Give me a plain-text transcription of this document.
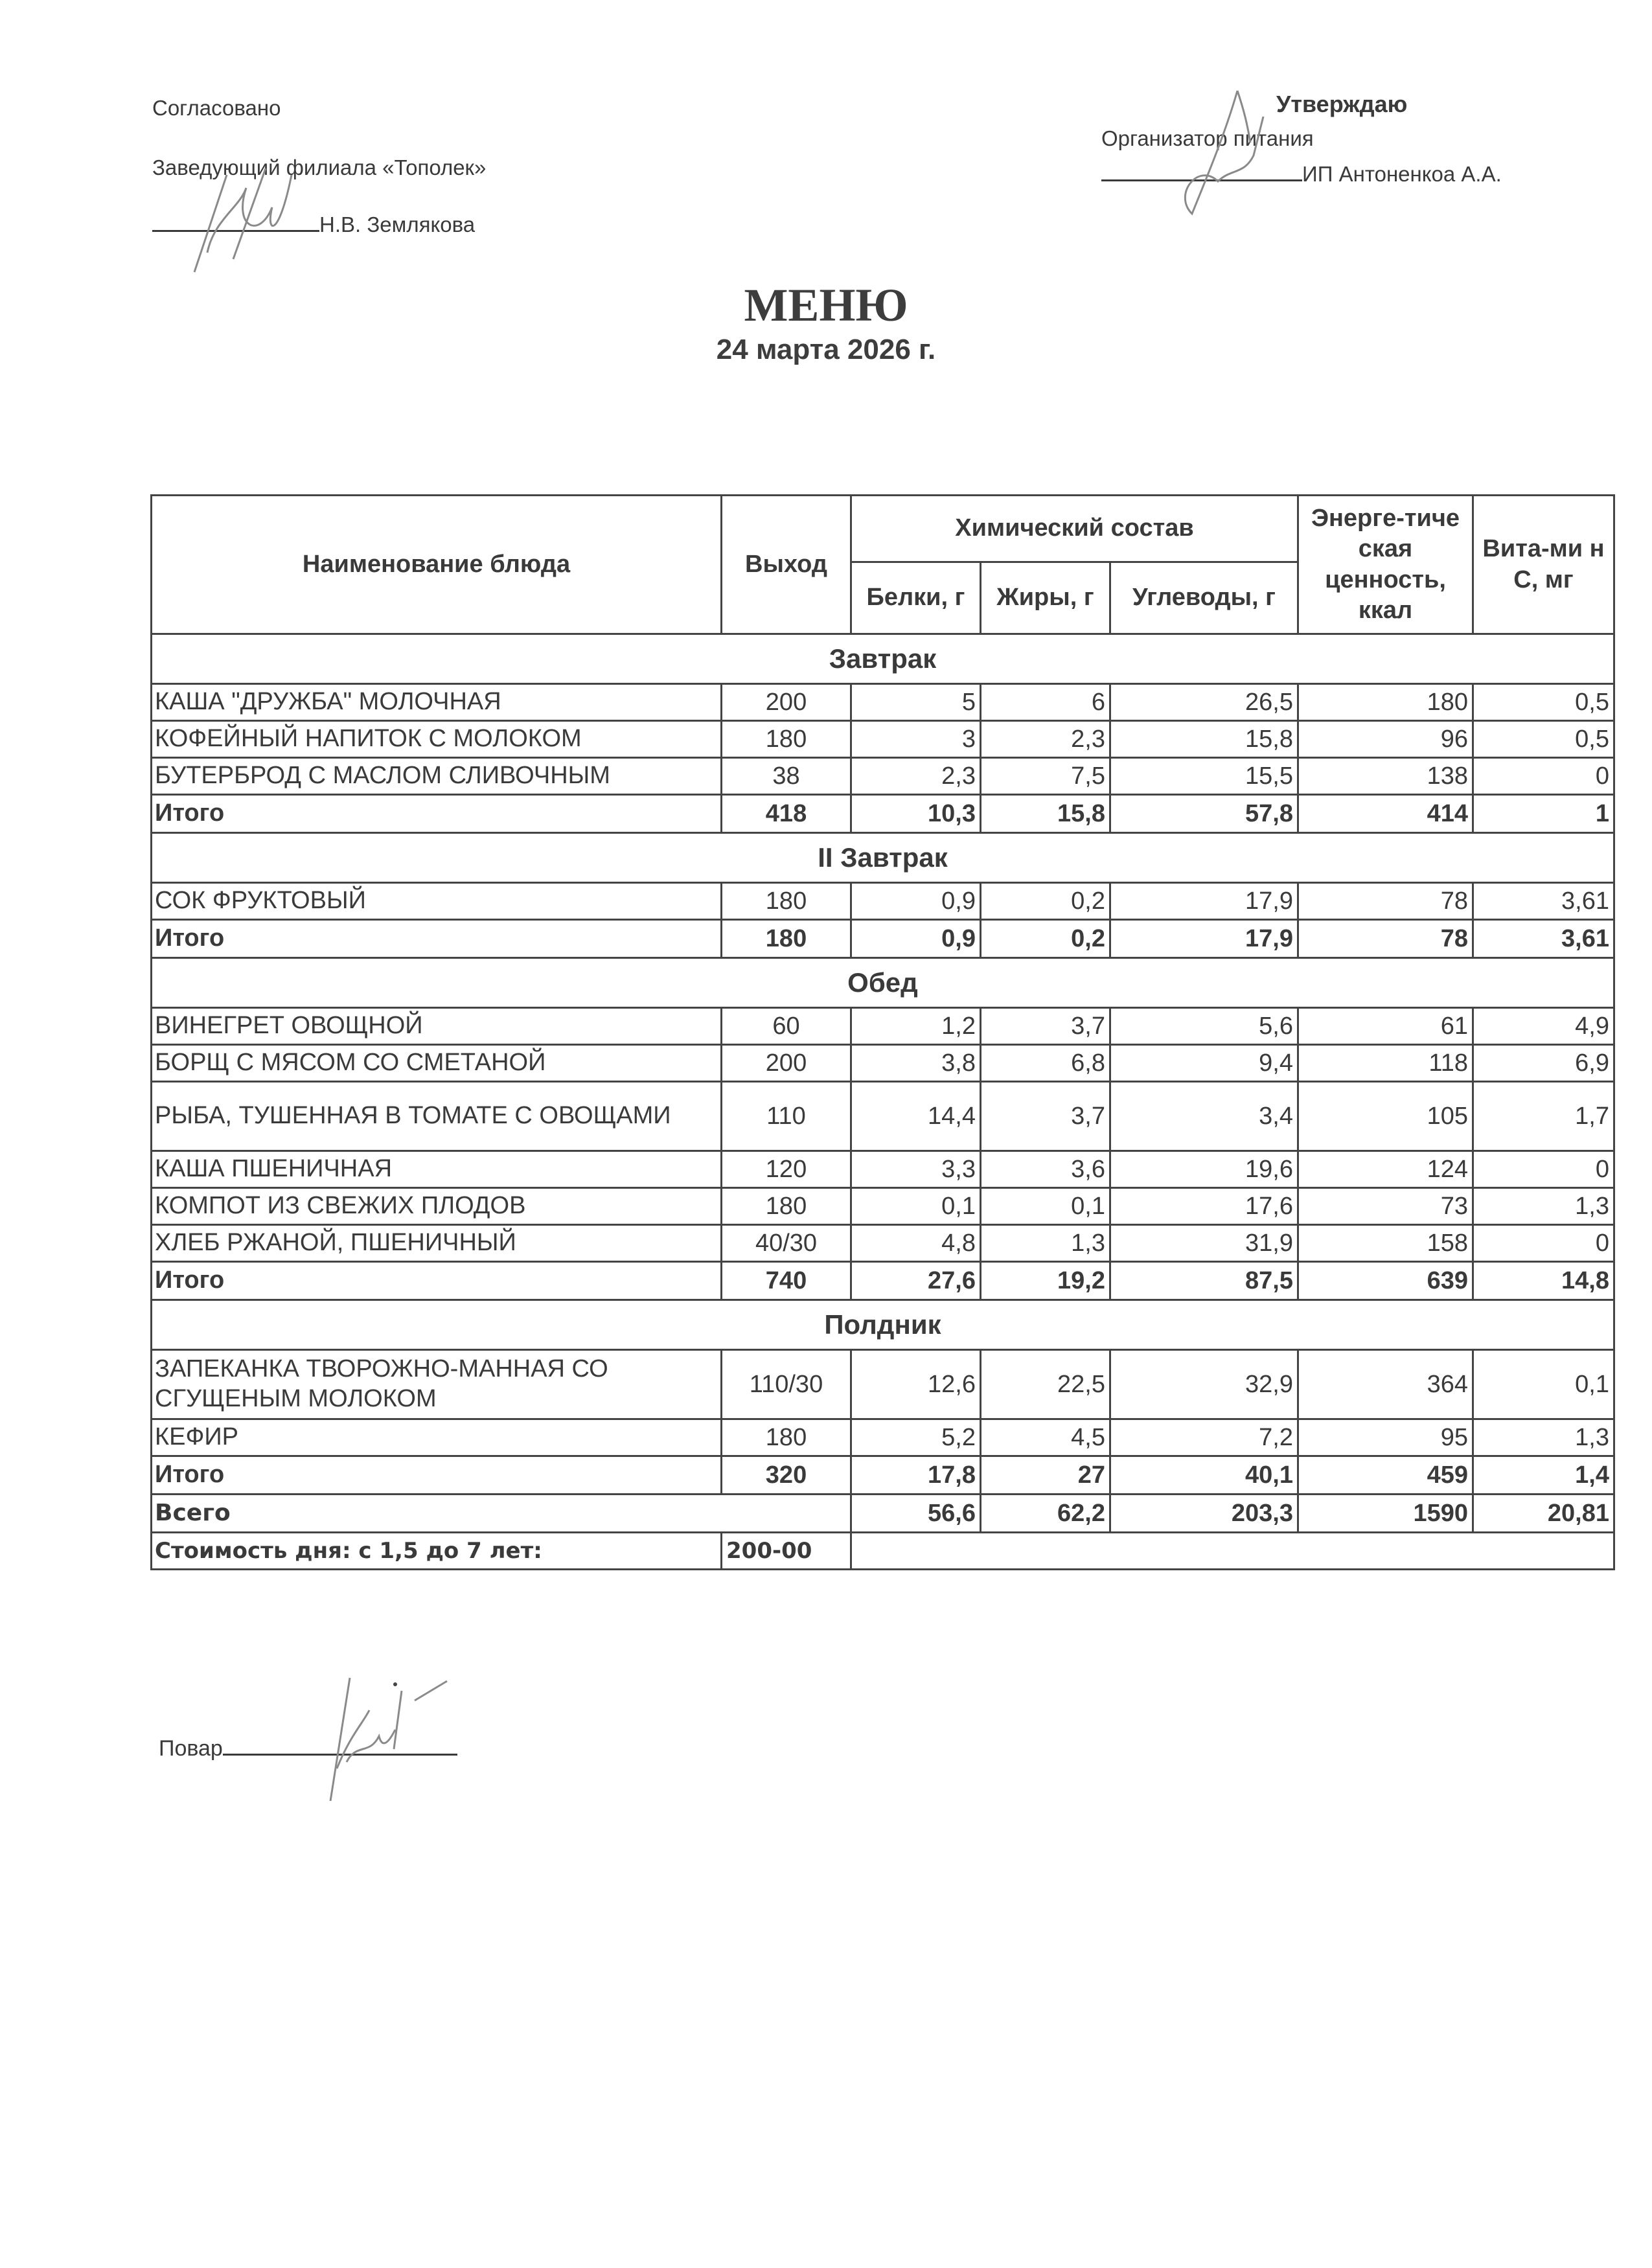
Согласовано
Заведующий филиала «Тополек»
Н.В. Землякова
Утверждаю
Организатор питания
ИП Антоненкоа А.А.
МЕНЮ
24 марта 2026 г.
Наименование блюда	Выход	Химический состав			Энерге-тиче ская ценность, ккал	Вита-ми н С, мг
		Белки, г	Жиры, г	Углеводы, г		
Завтрак						
КАША "ДРУЖБА" МОЛОЧНАЯ	200	5	6	26,5	180	0,5
КОФЕЙНЫЙ НАПИТОК С МОЛОКОМ	180	3	2,3	15,8	96	0,5
БУТЕРБРОД С МАСЛОМ СЛИВОЧНЫМ	38	2,3	7,5	15,5	138	0
Итого	418	10,3	15,8	57,8	414	1
II Завтрак						
СОК ФРУКТОВЫЙ	180	0,9	0,2	17,9	78	3,61
Итого	180	0,9	0,2	17,9	78	3,61
Обед						
ВИНЕГРЕТ ОВОЩНОЙ	60	1,2	3,7	5,6	61	4,9
БОРЩ С МЯСОМ СО СМЕТАНОЙ	200	3,8	6,8	9,4	118	6,9
РЫБА, ТУШЕННАЯ В ТОМАТЕ С ОВОЩАМИ	110	14,4	3,7	3,4	105	1,7
КАША ПШЕНИЧНАЯ	120	3,3	3,6	19,6	124	0
КОМПОТ ИЗ СВЕЖИХ ПЛОДОВ	180	0,1	0,1	17,6	73	1,3
ХЛЕБ РЖАНОЙ, ПШЕНИЧНЫЙ	40/30	4,8	1,3	31,9	158	0
Итого	740	27,6	19,2	87,5	639	14,8
Полдник						
ЗАПЕКАНКА ТВОРОЖНО-МАННАЯ СО СГУЩЕНЫМ МОЛОКОМ	110/30	12,6	22,5	32,9	364	0,1
КЕФИР	180	5,2	4,5	7,2	95	1,3
Итого	320	17,8	27	40,1	459	1,4
Всего		56,6	62,2	203,3	1590	20,81
Стоимость дня: с 1,5 до 7 лет:	200-00					
Повар
